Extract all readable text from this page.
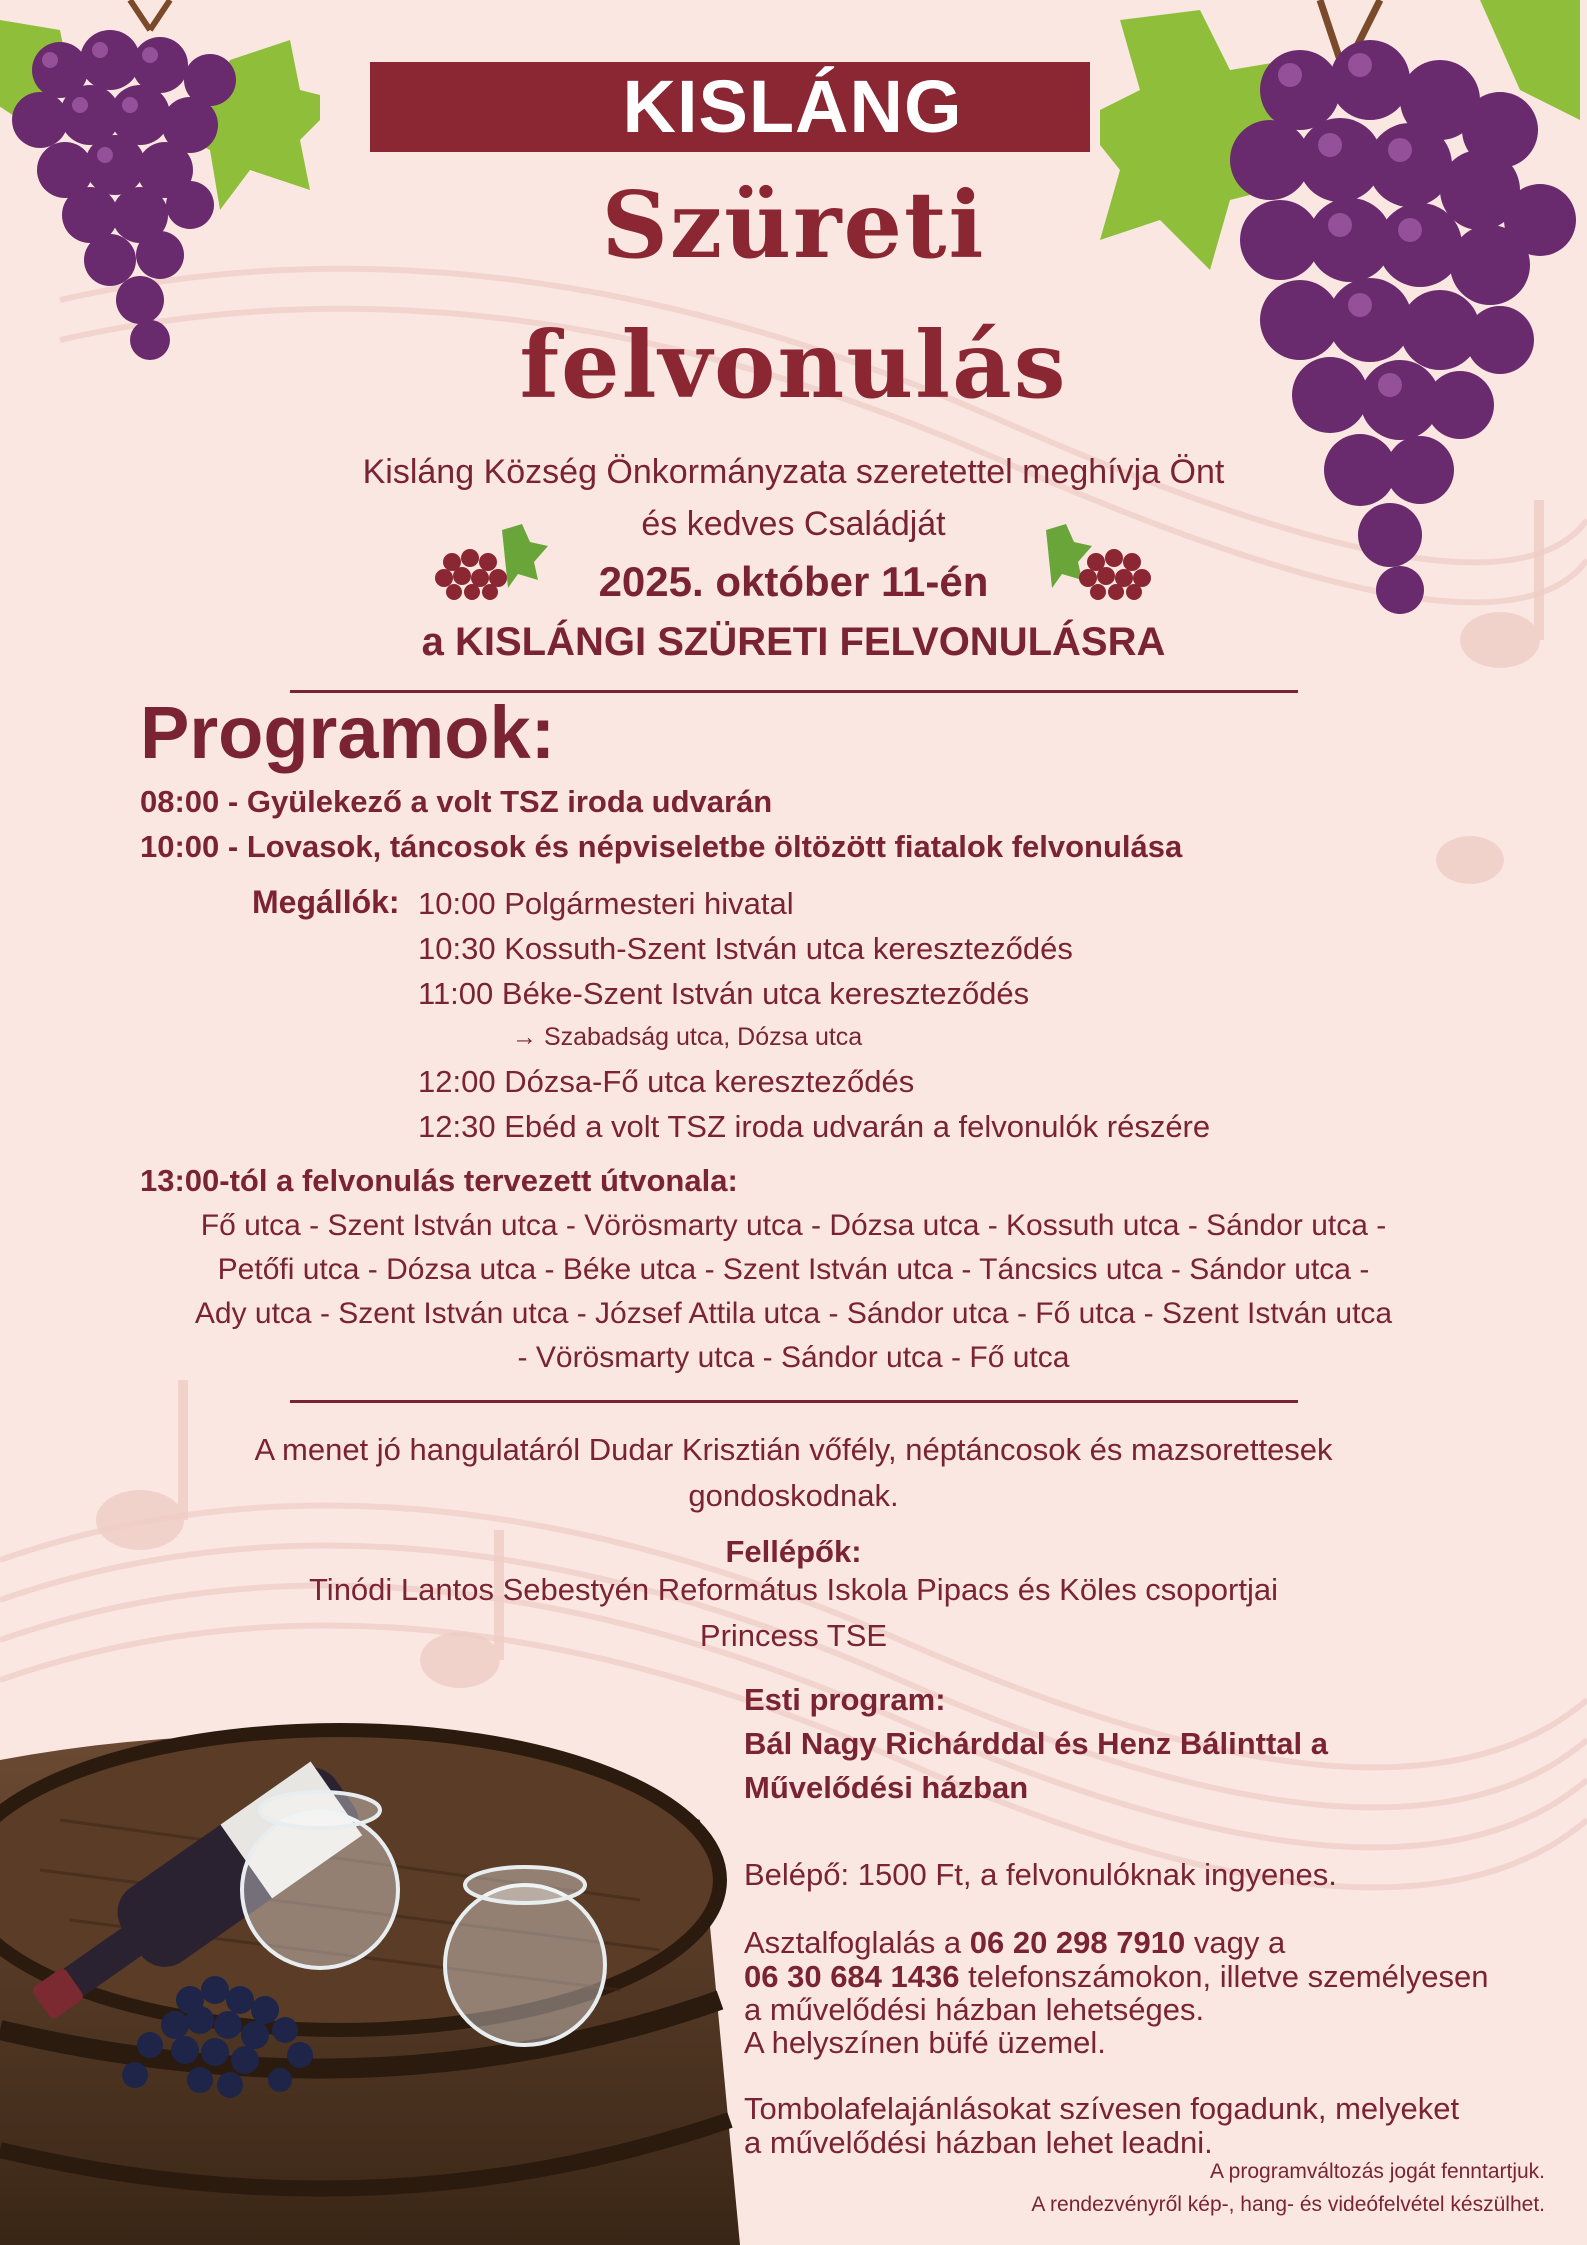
KISLÁNG
Szüreti
felvonulás
Kisláng Község Önkormányzata szeretettel meghívja Önt
és kedves Családját
2025. október 11-én
a KISLÁNGI SZÜRETI FELVONULÁSRA
Programok:
08:00 - Gyülekező a volt TSZ iroda udvarán
10:00 - Lovasok, táncosok és népviseletbe öltözött fiatalok felvonulása
Megállók: 10:00 Polgármesteri hivatal
10:30 Kossuth-Szent István utca kereszteződés
11:00 Béke-Szent István utca kereszteződés
→ Szabadság utca, Dózsa utca
12:00 Dózsa-Fő utca kereszteződés
12:30 Ebéd a volt TSZ iroda udvarán a felvonulók részére
13:00-tól a felvonulás tervezett útvonala:
Fő utca - Szent István utca - Vörösmarty utca - Dózsa utca - Kossuth utca - Sándor utca -
Petőfi utca - Dózsa utca - Béke utca - Szent István utca - Táncsics utca - Sándor utca -
Ady utca - Szent István utca - József Attila utca - Sándor utca - Fő utca - Szent István utca
- Vörösmarty utca - Sándor utca - Fő utca
A menet jó hangulatáról Dudar Krisztián vőfély, néptáncosok és mazsorettesek
gondoskodnak.
Fellépők:
Tinódi Lantos Sebestyén Református Iskola Pipacs és Köles csoportjai
Princess TSE
Esti program:
Bál Nagy Richárddal és Henz Bálinttal a
Művelődési házban
Belépő: 1500 Ft, a felvonulóknak ingyenes.
Asztalfoglalás a 06 20 298 7910 vagy a
06 30 684 1436 telefonszámokon, illetve személyesen
a művelődési házban lehetséges.
A helyszínen büfé üzemel.
Tombolafelajánlásokat szívesen fogadunk, melyeket
a művelődési házban lehet leadni.
A programváltozás jogát fenntartjuk.
A rendezvényről kép-, hang- és videófelvétel készülhet.
